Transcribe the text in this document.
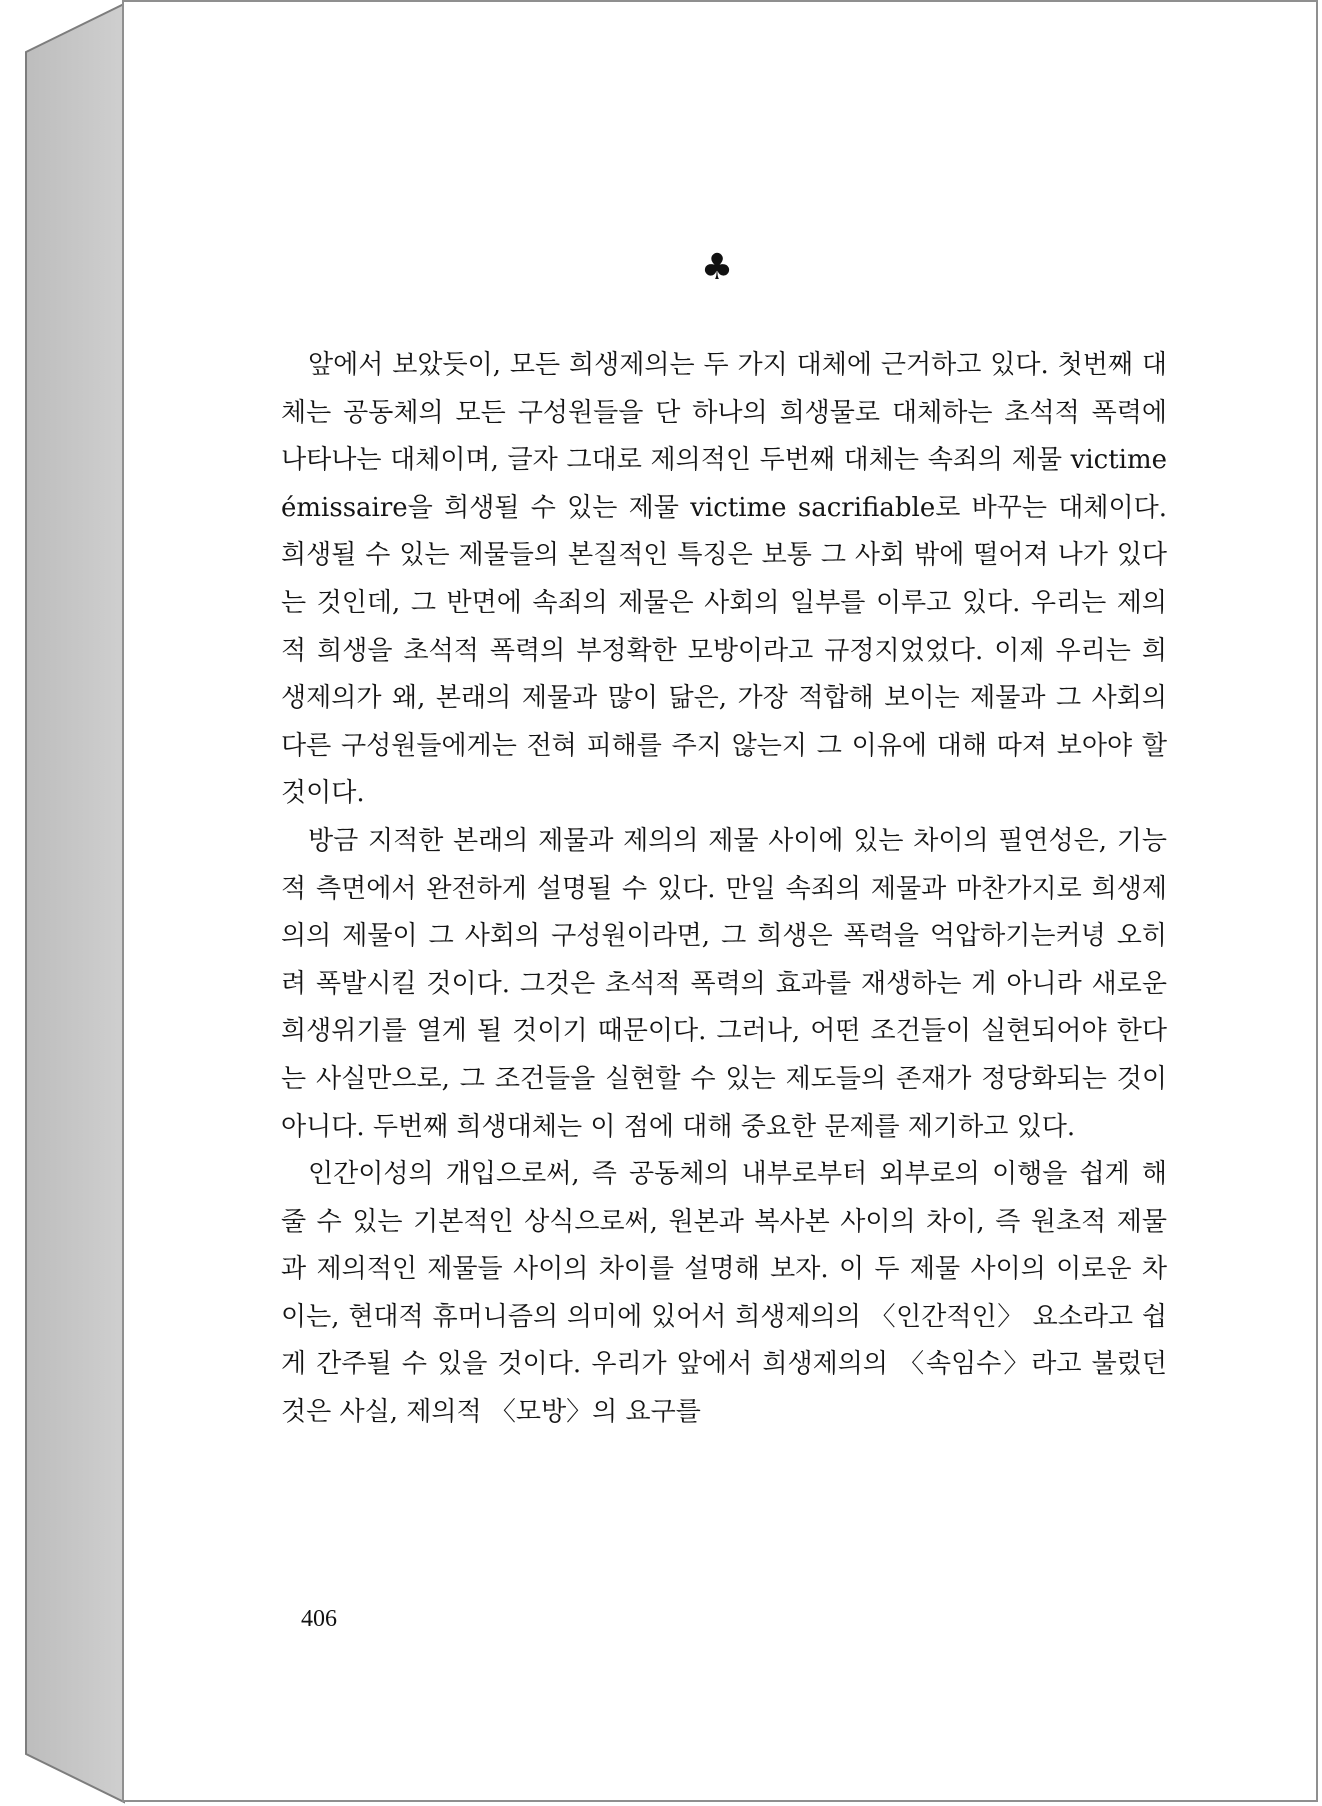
♣

앞에서 보았듯이, 모든 희생제의는 두 가지 대체에 근거하고 있다. 첫번째 대체는 공동체의 모든 구성원들을 단 하나의 희생물로 대체하는 초석적 폭력에 나타나는 대체이며, 글자 그대로 제의적인 두번째 대체는 속죄의 제물 victime émissaire을 희생될 수 있는 제물 victime sacrifiable로 바꾸는 대체이다. 희생될 수 있는 제물들의 본질적인 특징은 보통 그 사회 밖에 떨어져 나가 있다는 것인데, 그 반면에 속죄의 제물은 사회의 일부를 이루고 있다. 우리는 제의적 희생을 초석적 폭력의 부정확한 모방이라고 규정지었었다. 이제 우리는 희생제의가 왜, 본래의 제물과 많이 닮은, 가장 적합해 보이는 제물과 그 사회의 다른 구성원들에게는 전혀 피해를 주지 않는지 그 이유에 대해 따져 보아야 할 것이다.

방금 지적한 본래의 제물과 제의의 제물 사이에 있는 차이의 필연성은, 기능적 측면에서 완전하게 설명될 수 있다. 만일 속죄의 제물과 마찬가지로 희생제의의 제물이 그 사회의 구성원이라면, 그 희생은 폭력을 억압하기는커녕 오히려 폭발시킬 것이다. 그것은 초석적 폭력의 효과를 재생하는 게 아니라 새로운 희생위기를 열게 될 것이기 때문이다. 그러나, 어떤 조건들이 실현되어야 한다는 사실만으로, 그 조건들을 실현할 수 있는 제도들의 존재가 정당화되는 것이 아니다. 두번째 희생대체는 이 점에 대해 중요한 문제를 제기하고 있다.

인간이성의 개입으로써, 즉 공동체의 내부로부터 외부로의 이행을 쉽게 해 줄 수 있는 기본적인 상식으로써, 원본과 복사본 사이의 차이, 즉 원초적 제물과 제의적인 제물들 사이의 차이를 설명해 보자. 이 두 제물 사이의 이로운 차이는, 현대적 휴머니즘의 의미에 있어서 희생제의의 〈인간적인〉 요소라고 쉽게 간주될 수 있을 것이다. 우리가 앞에서 희생제의의 〈속임수〉라고 불렀던 것은 사실, 제의적 〈모방〉의 요구를

406
